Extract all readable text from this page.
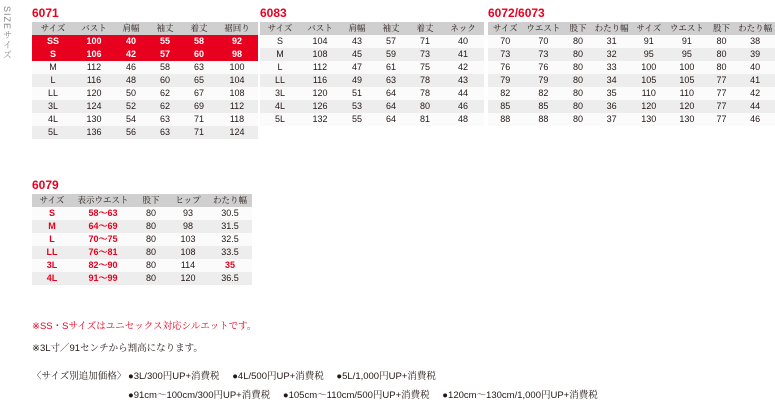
SIZEサイズ 6071
サイズ	バスト	肩幅	袖丈	着丈	裾回り
SS	100	40	55	58	92
S	106	42	57	60	98
M	112	46	58	63	100
L	116	48	60	65	104
LL	120	50	62	67	108
3L	124	52	62	69	112
4L	130	54	63	71	118
5L	136	56	63	71	124
6083
サイズ	バスト	肩幅	袖丈	着丈	ネック
S	104	43	57	71	40
M	108	45	59	73	41
L	112	47	61	75	42
LL	116	49	63	78	43
3L	120	51	64	78	44
4L	126	53	64	80	46
5L	132	55	64	81	48
6072/6073
サイズ	ウエスト	股下	わたり幅	サイズ	ウエスト	股下	わたり幅
70	70	80	31	91	91	80	38
73	73	80	32	95	95	80	39
76	76	80	33	100	100	80	40
79	79	80	34	105	105	77	41
82	82	80	35	110	110	77	42
85	85	80	36	120	120	77	44
88	88	80	37	130	130	77	46
6079
サイズ	表示ウエスト	股下	ヒップ	わたり幅
S	58〜63	80	93	30.5
M	64〜69	80	98	31.5
L	70〜75	80	103	32.5
LL	76〜81	80	108	33.5
3L	82〜90	80	114	35
4L	91〜99	80	120	36.5
※SS・Sサイズはユニセックス対応シルエットです。
※3L寸／91センチから割高になります。
〈サイズ別追加価格〉 ●3L/300円UP+消費税 ●4L/500円UP+消費税 ●5L/1,000円UP+消費税
●91cm〜100cm/300円UP+消費税 ●105cm〜110cm/500円UP+消費税 ●120cm〜130cm/1,000円UP+消費税
